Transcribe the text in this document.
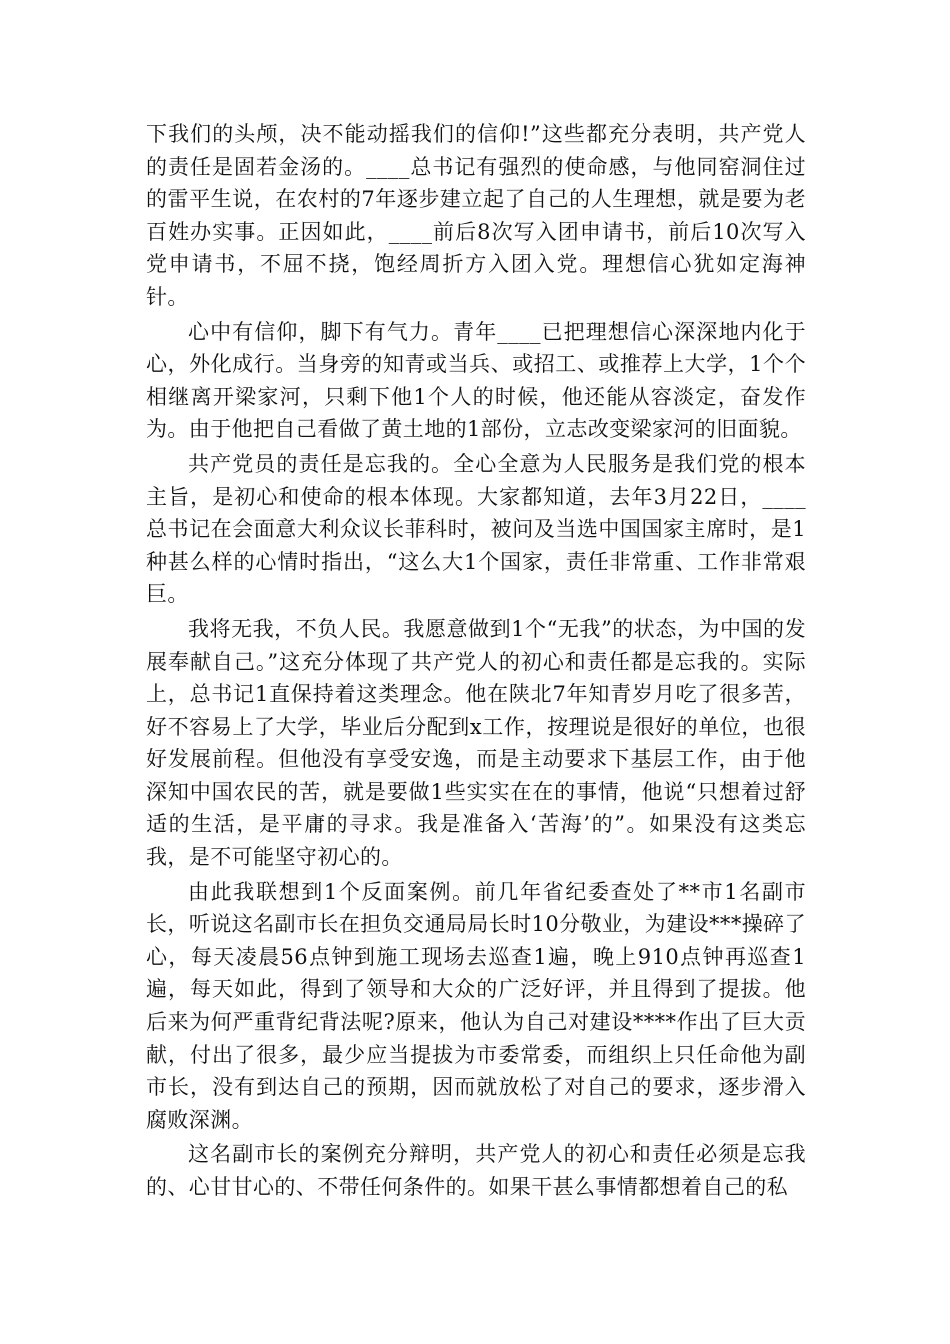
下我们的头颅，决不能动摇我们的信仰!”这些都充分表明，共产党人的责任是固若金汤的。____总书记有强烈的使命感，与他同窑洞住过的雷平生说，在农村的7年逐步建立起了自己的人生理想，就是要为老百姓办实事。正因如此，____前后8次写入团申请书，前后10次写入党申请书，不屈不挠，饱经周折方入团入党。理想信心犹如定海神针。

心中有信仰，脚下有气力。青年____已把理想信心深深地内化于心，外化成行。当身旁的知青或当兵、或招工、或推荐上大学，1个个相继离开梁家河，只剩下他1个人的时候，他还能从容淡定，奋发作为。由于他把自己看做了黄土地的1部份，立志改变梁家河的旧面貌。

共产党员的责任是忘我的。全心全意为人民服务是我们党的根本主旨，是初心和使命的根本体现。大家都知道，去年3月22日，____总书记在会面意大利众议长菲科时，被问及当选中国国家主席时，是1种甚么样的心情时指出，“这么大1个国家，责任非常重、工作非常艰巨。

我将无我，不负人民。我愿意做到1个“无我”的状态，为中国的发展奉献自己。”这充分体现了共产党人的初心和责任都是忘我的。实际上，总书记1直保持着这类理念。他在陕北7年知青岁月吃了很多苦，好不容易上了大学，毕业后分配到x工作，按理说是很好的单位，也很好发展前程。但他没有享受安逸，而是主动要求下基层工作，由于他深知中国农民的苦，就是要做1些实实在在的事情，他说“只想着过舒适的生活，是平庸的寻求。我是准备入‘苦海’的”。如果没有这类忘我，是不可能坚守初心的。

由此我联想到1个反面案例。前几年省纪委查处了**市1名副市长，听说这名副市长在担负交通局局长时10分敬业，为建设***操碎了心，每天凌晨56点钟到施工现场去巡查1遍，晚上910点钟再巡查1遍，每天如此，得到了领导和大众的广泛好评，并且得到了提拔。他后来为何严重背纪背法呢?原来，他认为自己对建设****作出了巨大贡献，付出了很多，最少应当提拔为市委常委，而组织上只任命他为副市长，没有到达自己的预期，因而就放松了对自己的要求，逐步滑入腐败深渊。

这名副市长的案例充分辩明，共产党人的初心和责任必须是忘我的、心甘甘心的、不带任何条件的。如果干甚么事情都想着自己的私
